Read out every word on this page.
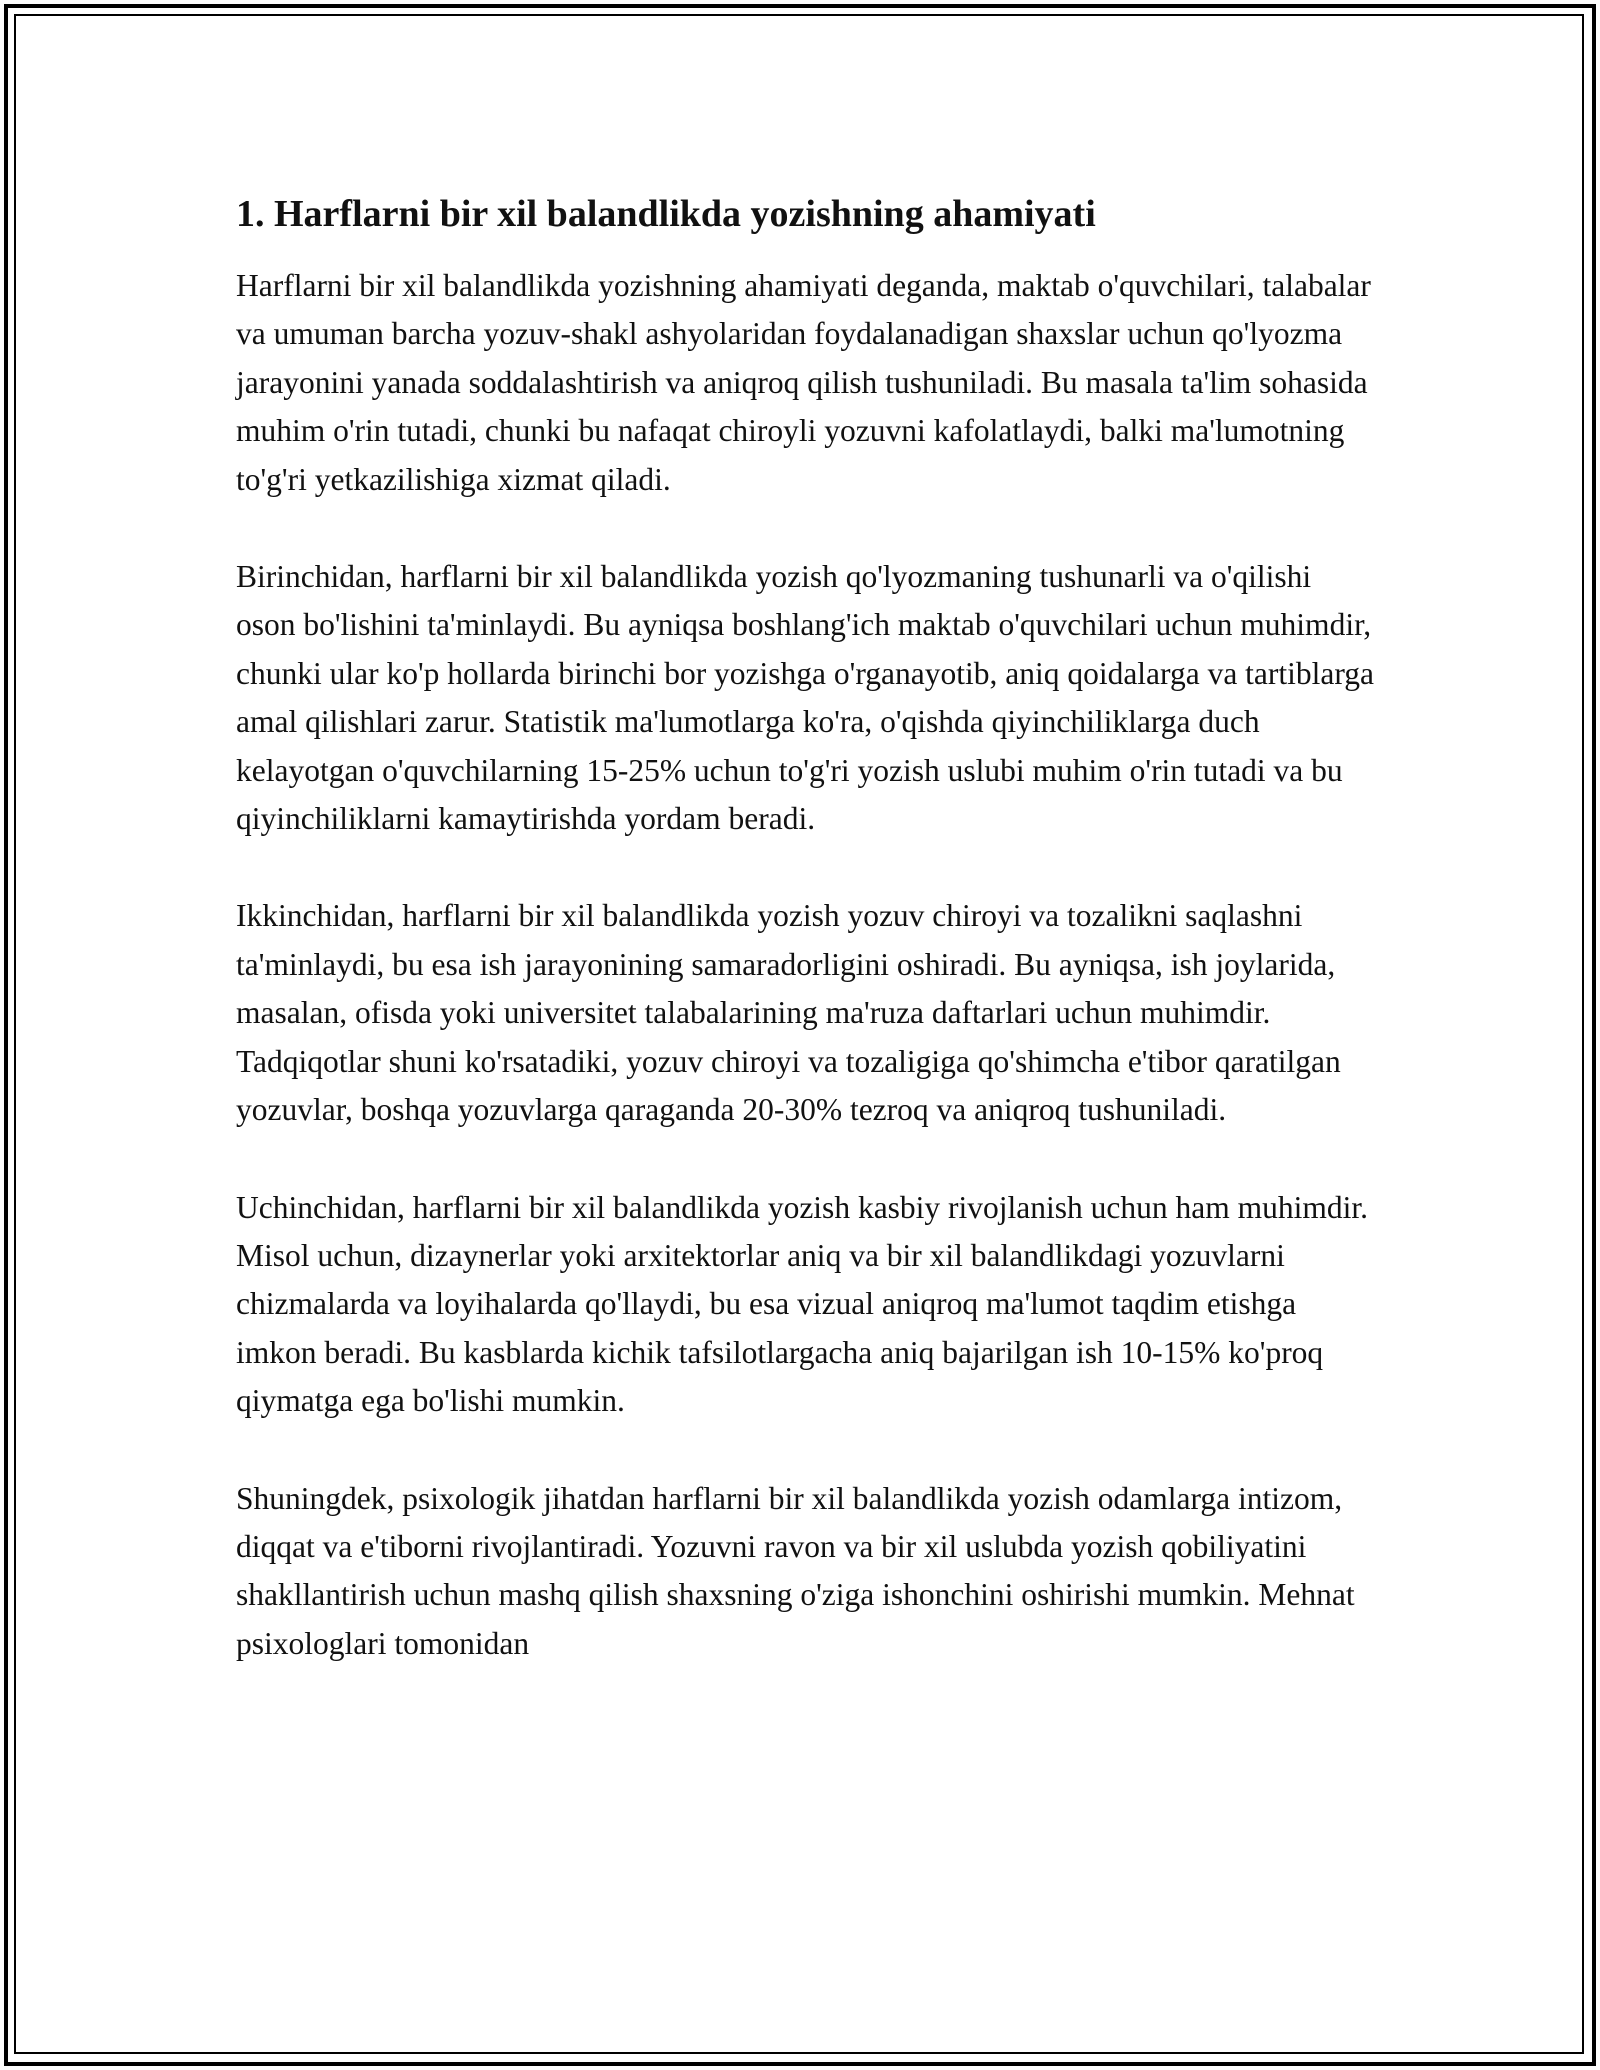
1. Harflarni bir xil balandlikda yozishning ahamiyati

Harflarni bir xil balandlikda yozishning ahamiyati deganda, maktab o'quvchilari, talabalar va umuman barcha yozuv-shakl ashyolaridan foydalanadigan shaxslar uchun qo'lyozma jarayonini yanada soddalashtirish va aniqroq qilish tushuniladi. Bu masala ta'lim sohasida muhim o'rin tutadi, chunki bu nafaqat chiroyli yozuvni kafolatlaydi, balki ma'lumotning to'g'ri yetkazilishiga xizmat qiladi.

Birinchidan, harflarni bir xil balandlikda yozish qo'lyozmaning tushunarli va o'qilishi oson bo'lishini ta'minlaydi. Bu ayniqsa boshlang'ich maktab o'quvchilari uchun muhimdir, chunki ular ko'p hollarda birinchi bor yozishga o'rganayotib, aniq qoidalarga va tartiblarga amal qilishlari zarur. Statistik ma'lumotlarga ko'ra, o'qishda qiyinchiliklarga duch kelayotgan o'quvchilarning 15-25% uchun to'g'ri yozish uslubi muhim o'rin tutadi va bu qiyinchiliklarni kamaytirishda yordam beradi.

Ikkinchidan, harflarni bir xil balandlikda yozish yozuv chiroyi va tozalikni saqlashni ta'minlaydi, bu esa ish jarayonining samaradorligini oshiradi. Bu ayniqsa, ish joylarida, masalan, ofisda yoki universitet talabalarining ma'ruza daftarlari uchun muhimdir. Tadqiqotlar shuni ko'rsatadiki, yozuv chiroyi va tozaligiga qo'shimcha e'tibor qaratilgan yozuvlar, boshqa yozuvlarga qaraganda 20-30% tezroq va aniqroq tushuniladi.

Uchinchidan, harflarni bir xil balandlikda yozish kasbiy rivojlanish uchun ham muhimdir. Misol uchun, dizaynerlar yoki arxitektorlar aniq va bir xil balandlikdagi yozuvlarni chizmalarda va loyihalarda qo'llaydi, bu esa vizual aniqroq ma'lumot taqdim etishga imkon beradi. Bu kasblarda kichik tafsilotlargacha aniq bajarilgan ish 10-15% ko'proq qiymatga ega bo'lishi mumkin.

Shuningdek, psixologik jihatdan harflarni bir xil balandlikda yozish odamlarga intizom, diqqat va e'tiborni rivojlantiradi. Yozuvni ravon va bir xil uslubda yozish qobiliyatini shakllantirish uchun mashq qilish shaxsning o'ziga ishonchini oshirishi mumkin. Mehnat psixologlari tomonidan
